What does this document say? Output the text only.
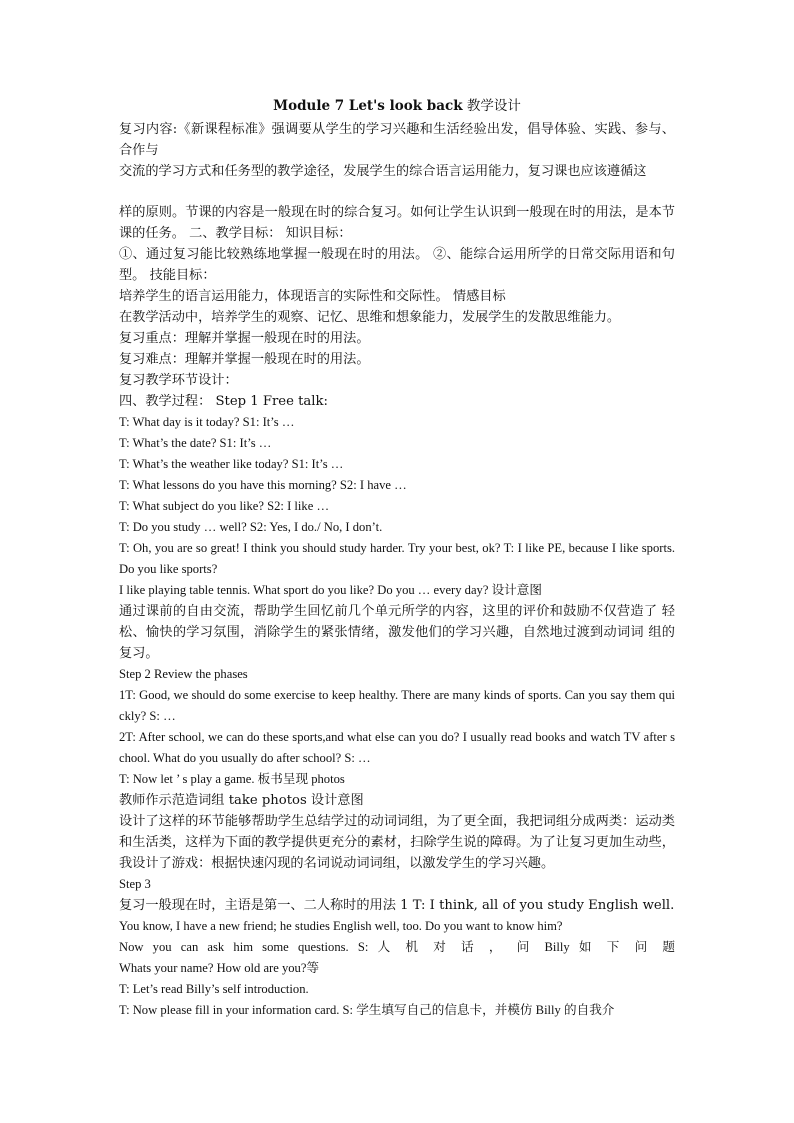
Module 7 Let's look back 教学设计

复习内容:《新课程标准》强调要从学生的学习兴趣和生活经验出发，倡导体验、实践、参与、合作与

交流的学习方式和任务型的教学途径，发展学生的综合语言运用能力，复习课也应该遵循这

样的原则。节课的内容是一般现在时的综合复习。如何让学生认识到一般现在时的用法，是本节课的任务。 二、教学目标： 知识目标：

①、通过复习能比较熟练地掌握一般现在时的用法。 ②、能综合运用所学的日常交际用语和句型。 技能目标：

培养学生的语言运用能力，体现语言的实际性和交际性。 情感目标

在教学活动中，培养学生的观察、记忆、思维和想象能力，发展学生的发散思维能力。

复习重点：理解并掌握一般现在时的用法。

复习难点：理解并掌握一般现在时的用法。

复习教学环节设计：

四、教学过程： Step 1 Free talk:

T: What day is it today? S1: It’s …

T: What’s the date? S1: It’s …

T: What’s the weather like today? S1: It’s …

T: What lessons do you have this morning? S2: I have …

T: What subject do you like? S2: I like …

T: Do you study … well? S2: Yes, I do./ No, I don’t.

T: Oh, you are so great! I think you should study harder. Try your best, ok? T: I like PE, because I like sports. Do you like sports?

I like playing table tennis. What sport do you like? Do you … every day? 设计意图

通过课前的自由交流，帮助学生回忆前几个单元所学的内容，这里的评价和鼓励不仅营造了 轻松、愉快的学习氛围，消除学生的紧张情绪，激发他们的学习兴趣，自然地过渡到动词词 组的复习。

Step 2 Review the phases

1T: Good, we should do some exercise to keep healthy. There are many kinds of sports. Can you say them quickly? S: …

2T: After school, we can do these sports,and what else can you do? I usually read books and watch TV after school. What do you usually do after school? S: …

T: Now let ’ s play a game. 板书呈现 photos

教师作示范造词组 take photos 设计意图

设计了这样的环节能够帮助学生总结学过的动词词组，为了更全面，我把词组分成两类：运动类和生活类，这样为下面的教学提供更充分的素材，扫除学生说的障碍。为了让复习更加生动些，我设计了游戏：根据快速闪现的名词说动词词组，以激发学生的学习兴趣。

Step 3

复习一般现在时，主语是第一、二人称时的用法 1 T: I think, all of you study English well.

You know, I have a new friend; he studies English well, too. Do you want to know him?

Now you can ask him some questions. S: 人 机 对 话 ， 问 Billy 如 下 问 题

Whats your name? How old are you?等

T: Let’s read Billy’s self introduction.

T: Now please fill in your information card. S: 学生填写自己的信息卡，并模仿 Billy 的自我介
